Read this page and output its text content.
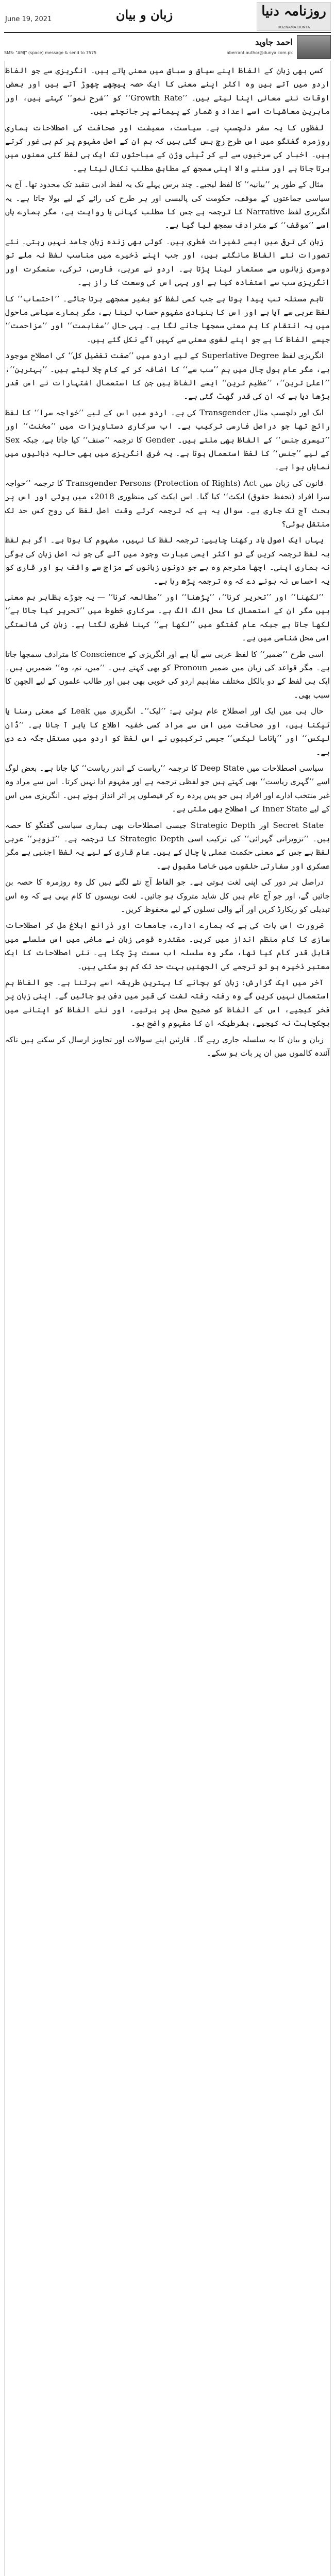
روزنامہ دنیا
ROZNAMA DUNYA
زبان و بیان
June 19, 2021
احمد جاوید
SMS: "AMJ" (space) message & send to 7575	aberrant.author@dunya.com.pk

کسی بھی زبان کے الفاظ اپنے سیاق و سباق میں معنی پاتے ہیں۔ انگریزی سے جو الفاظ اردو میں آتے ہیں وہ اکثر اپنے معنی کا ایک حصہ پیچھے چھوڑ آتے ہیں اور بعض اوقات نئے معانی اپنا لیتے ہیں۔ ’’Growth Rate‘‘ کو ’’شرح نمو‘‘ کہتے ہیں، اور ماہرین معاشیات اسے اعداد و شمار کے پیمانے پر جانچتے ہیں۔

لفظوں کا یہ سفر دلچسپ ہے۔ سیاست، معیشت اور صحافت کی اصطلاحات ہماری روزمرہ گفتگو میں اس طرح رچ بس گئی ہیں کہ ہم ان کے اصل مفہوم پر کم ہی غور کرتے ہیں۔ اخبار کی سرخیوں سے لے کر ٹیلی وژن کے مباحثوں تک ایک ہی لفظ کئی معنوں میں برتا جاتا ہے اور سننے والا اپنی سمجھ کے مطابق مطلب نکال لیتا ہے۔

مثال کے طور پر ’’بیانیہ‘‘ کا لفظ لیجیے۔ چند برس پہلے تک یہ لفظ ادبی تنقید تک محدود تھا۔ آج یہ سیاسی جماعتوں کے موقف، حکومت کی پالیسی اور ہر طرح کی رائے کے لیے بولا جاتا ہے۔ یہ انگریزی لفظ Narrative کا ترجمہ ہے جس کا مطلب کہانی یا روایت ہے، مگر ہمارے ہاں اسے ’’موقف‘‘ کے مترادف سمجھ لیا گیا ہے۔

زبان کی ترقی میں ایسے تغیرات فطری ہیں۔ کوئی بھی زندہ زبان جامد نہیں رہتی۔ نئے تصورات نئے الفاظ مانگتے ہیں، اور جب اپنے ذخیرے میں مناسب لفظ نہ ملے تو دوسری زبانوں سے مستعار لینا پڑتا ہے۔ اردو نے عربی، فارسی، ترکی، سنسکرت اور انگریزی سب سے استفادہ کیا ہے اور یہی اس کی وسعت کا راز ہے۔

تاہم مسئلہ تب پیدا ہوتا ہے جب کسی لفظ کو بغیر سمجھے برتا جائے۔ ’’احتساب‘‘ کا لفظ عربی سے آیا ہے اور اس کا بنیادی مفہوم حساب لینا ہے، مگر ہمارے سیاسی ماحول میں یہ انتقام کا ہم معنی سمجھا جانے لگا ہے۔ یہی حال ’’مفاہمت‘‘ اور ’’مزاحمت‘‘ جیسے الفاظ کا ہے جو اپنے لغوی معنی سے کہیں آگے نکل گئے ہیں۔

انگریزی لفظ Superlative Degree کے لیے اردو میں ’’صفت تفضیل کل‘‘ کی اصطلاح موجود ہے، مگر عام بول چال میں ہم ’’سب سے‘‘ کا اضافہ کر کے کام چلا لیتے ہیں۔ ’’بہترین‘‘، ’’اعلیٰ ترین‘‘، ’’عظیم ترین‘‘ ایسے الفاظ ہیں جن کا استعمال اشتہارات نے اس قدر بڑھا دیا ہے کہ ان کی قدر گھٹ گئی ہے۔

ایک اور دلچسپ مثال Transgender کی ہے۔ اردو میں اس کے لیے ’’خواجہ سرا‘‘ کا لفظ رائج تھا جو دراصل فارسی ترکیب ہے۔ اب سرکاری دستاویزات میں ’’مخنث‘‘ اور ’’تیسری جنس‘‘ کے الفاظ بھی ملتے ہیں۔ Gender کا ترجمہ ’’صنف‘‘ کیا جاتا ہے، جبکہ Sex کے لیے ’’جنس‘‘ کا لفظ استعمال ہوتا ہے۔ یہ فرق انگریزی میں بھی حالیہ دہائیوں میں نمایاں ہوا ہے۔

قانون کی زبان میں Transgender Persons (Protection of Rights) Act کا ترجمہ ’’خواجہ سرا افراد (تحفظ حقوق) ایکٹ‘‘ کیا گیا۔ اس ایکٹ کی منظوری 2018ء میں ہوئی اور اس پر بحث آج تک جاری ہے۔ سوال یہ ہے کہ ترجمہ کرتے وقت اصل لفظ کی روح کس حد تک منتقل ہوئی؟

یہاں ایک اصول یاد رکھنا چاہیے: ترجمہ لفظ کا نہیں، مفہوم کا ہوتا ہے۔ اگر ہم لفظ بہ لفظ ترجمہ کریں گے تو اکثر ایسی عبارت وجود میں آئے گی جو نہ اصل زبان کی ہوگی نہ ہماری اپنی۔ اچھا مترجم وہ ہے جو دونوں زبانوں کے مزاج سے واقف ہو اور قاری کو یہ احساس نہ ہونے دے کہ وہ ترجمہ پڑھ رہا ہے۔

’’لکھنا‘‘ اور ’’تحریر کرنا‘‘، ’’پڑھنا‘‘ اور ’’مطالعہ کرنا‘‘ — یہ جوڑے بظاہر ہم معنی ہیں مگر ان کے استعمال کا محل الگ الگ ہے۔ سرکاری خطوط میں ’’تحریر کیا جاتا ہے‘‘ لکھا جاتا ہے جبکہ عام گفتگو میں ’’لکھا ہے‘‘ کہنا فطری لگتا ہے۔ زبان کی شائستگی اسی محل شناسی میں ہے۔

اسی طرح ’’ضمیر‘‘ کا لفظ عربی سے آیا ہے اور انگریزی کے Conscience کا مترادف سمجھا جاتا ہے۔ مگر قواعد کی زبان میں ضمیر Pronoun کو بھی کہتے ہیں۔ ’’میں، تم، وہ‘‘ ضمیریں ہیں۔ ایک ہی لفظ کے دو بالکل مختلف مفاہیم اردو کی خوبی بھی ہیں اور طالب علموں کے لیے الجھن کا سبب بھی۔

حال ہی میں ایک اور اصطلاح عام ہوئی ہے: ’’لیک‘‘۔ انگریزی میں Leak کے معنی رسنا یا ٹپکنا ہیں، اور صحافت میں اس سے مراد کسی خفیہ اطلاع کا باہر آ جانا ہے۔ ’’ڈان لیکس‘‘ اور ’’پاناما لیکس‘‘ جیسی ترکیبوں نے اس لفظ کو اردو میں مستقل جگہ دے دی ہے۔

سیاسی اصطلاحات میں Deep State کا ترجمہ ’’ریاست کے اندر ریاست‘‘ کیا جاتا ہے۔ بعض لوگ اسے ’’گہری ریاست‘‘ بھی کہتے ہیں جو لفظی ترجمہ ہے اور مفہوم ادا نہیں کرتا۔ اس سے مراد وہ غیر منتخب ادارے اور افراد ہیں جو پس پردہ رہ کر فیصلوں پر اثر انداز ہوتے ہیں۔ انگریزی میں اس کے لیے Inner State کی اصطلاح بھی ملتی ہے۔

Secret State اور Strategic Depth جیسی اصطلاحات بھی ہماری سیاسی گفتگو کا حصہ ہیں۔ ’’تزویراتی گہرائی‘‘ کی ترکیب اسی Strategic Depth کا ترجمہ ہے۔ ’’تزویر‘‘ عربی لفظ ہے جس کے معنی حکمت عملی یا چال کے ہیں۔ عام قاری کے لیے یہ لفظ اجنبی ہے مگر عسکری اور سفارتی حلقوں میں خاصا مقبول ہے۔

دراصل ہر دور کی اپنی لغت ہوتی ہے۔ جو الفاظ آج نئے لگتے ہیں کل وہ روزمرہ کا حصہ بن جائیں گے، اور جو آج عام ہیں کل شاید متروک ہو جائیں۔ لغت نویسوں کا کام یہی ہے کہ وہ اس تبدیلی کو ریکارڈ کریں اور آنے والی نسلوں کے لیے محفوظ کریں۔

ضرورت اس بات کی ہے کہ ہمارے ادارے، جامعات اور ذرائع ابلاغ مل کر اصطلاحات سازی کا کام منظم انداز میں کریں۔ مقتدرہ قومی زبان نے ماضی میں اس سلسلے میں قابل قدر کام کیا تھا، مگر وہ سلسلہ اب سست پڑ چکا ہے۔ نئی اصطلاحات کا ایک معتبر ذخیرہ ہو تو ترجمے کی الجھنیں بہت حد تک کم ہو سکتی ہیں۔

آخر میں ایک گزارش: زبان کو بچانے کا بہترین طریقہ اسے برتنا ہے۔ جو الفاظ ہم استعمال نہیں کریں گے وہ رفتہ رفتہ لغت کی قبر میں دفن ہو جائیں گے۔ اپنی زبان پر فخر کیجیے، اس کے الفاظ کو صحیح محل پر برتیے، اور نئے الفاظ کو اپنانے میں ہچکچاہٹ نہ کیجیے، بشرطیکہ ان کا مفہوم واضح ہو۔

زبان و بیان کا یہ سلسلہ جاری رہے گا۔ قارئین اپنے سوالات اور تجاویز ارسال کر سکتے ہیں تاکہ آئندہ کالموں میں ان پر بات ہو سکے۔
